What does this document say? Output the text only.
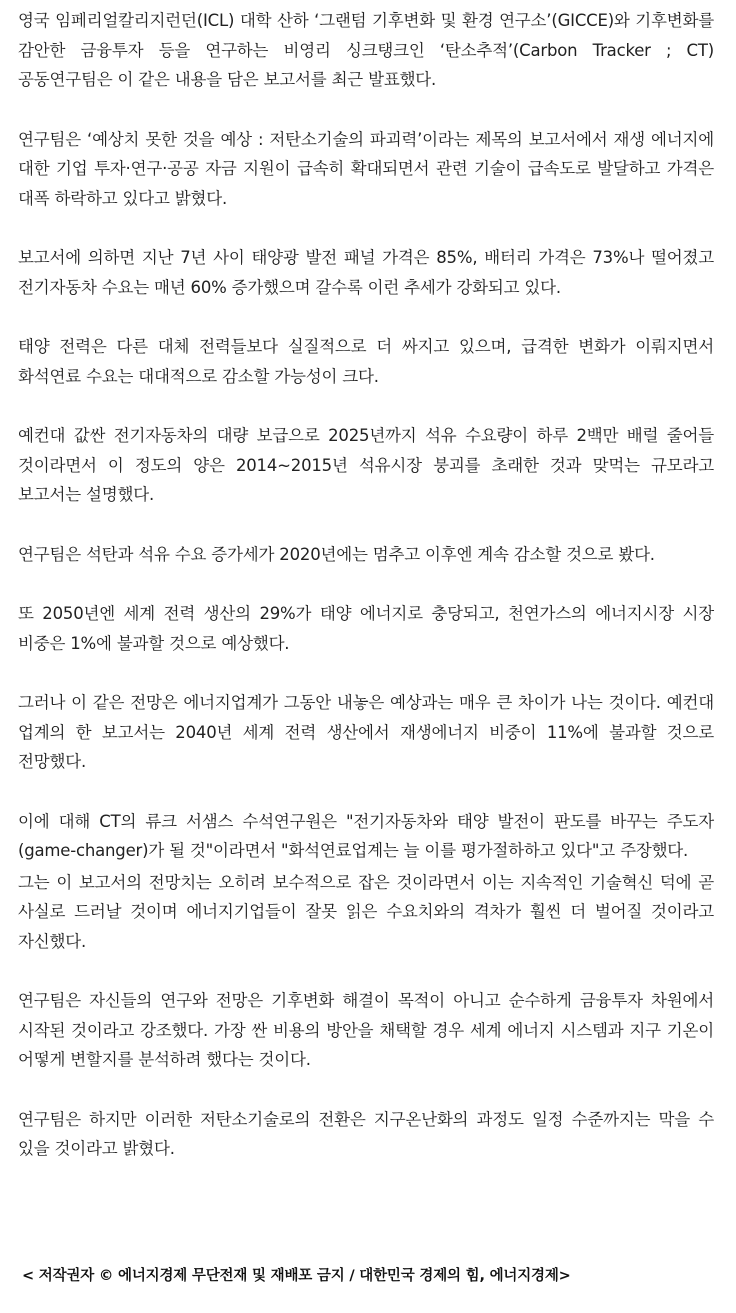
영국 임페리얼칼리지런던(ICL) 대학 산하 ‘그랜텀 기후변화 및 환경 연구소’(GICCE)와 기후변화를 감안한 금융투자 등을 연구하는 비영리 싱크탱크인 ‘탄소추적’(Carbon Tracker ; CT) 공동연구팀은 이 같은 내용을 담은 보고서를 최근 발표했다.

연구팀은 ‘예상치 못한 것을 예상 : 저탄소기술의 파괴력’이라는 제목의 보고서에서 재생 에너지에 대한 기업 투자·연구·공공 자금 지원이 급속히 확대되면서 관련 기술이 급속도로 발달하고 가격은 대폭 하락하고 있다고 밝혔다.

보고서에 의하면 지난 7년 사이 태양광 발전 패널 가격은 85%, 배터리 가격은 73%나 떨어졌고 전기자동차 수요는 매년 60% 증가했으며 갈수록 이런 추세가 강화되고 있다.

태양 전력은 다른 대체 전력들보다 실질적으로 더 싸지고 있으며, 급격한 변화가 이뤄지면서 화석연료 수요는 대대적으로 감소할 가능성이 크다.

예컨대 값싼 전기자동차의 대량 보급으로 2025년까지 석유 수요량이 하루 2백만 배럴 줄어들 것이라면서 이 정도의 양은 2014~2015년 석유시장 붕괴를 초래한 것과 맞먹는 규모라고 보고서는 설명했다.

연구팀은 석탄과 석유 수요 증가세가 2020년에는 멈추고 이후엔 계속 감소할 것으로 봤다.

또 2050년엔 세계 전력 생산의 29%가 태양 에너지로 충당되고, 천연가스의 에너지시장 시장 비중은 1%에 불과할 것으로 예상했다.

그러나 이 같은 전망은 에너지업계가 그동안 내놓은 예상과는 매우 큰 차이가 나는 것이다. 예컨대 업계의 한 보고서는 2040년 세계 전력 생산에서 재생에너지 비중이 11%에 불과할 것으로 전망했다.

이에 대해 CT의 류크 서샘스 수석연구원은 "전기자동차와 태양 발전이 판도를 바꾸는 주도자(game-changer)가 될 것"이라면서 "화석연료업계는 늘 이를 평가절하하고 있다"고 주장했다.

그는 이 보고서의 전망치는 오히려 보수적으로 잡은 것이라면서 이는 지속적인 기술혁신 덕에 곧 사실로 드러날 것이며 에너지기업들이 잘못 읽은 수요치와의 격차가 훨씬 더 벌어질 것이라고 자신했다.

연구팀은 자신들의 연구와 전망은 기후변화 해결이 목적이 아니고 순수하게 금융투자 차원에서 시작된 것이라고 강조했다. 가장 싼 비용의 방안을 채택할 경우 세계 에너지 시스템과 지구 기온이 어떻게 변할지를 분석하려 했다는 것이다.

연구팀은 하지만 이러한 저탄소기술로의 전환은 지구온난화의 과정도 일정 수준까지는 막을 수 있을 것이라고 밝혔다.

< 저작권자 © 에너지경제 무단전재 및 재배포 금지 / 대한민국 경제의 힘, 에너지경제>
